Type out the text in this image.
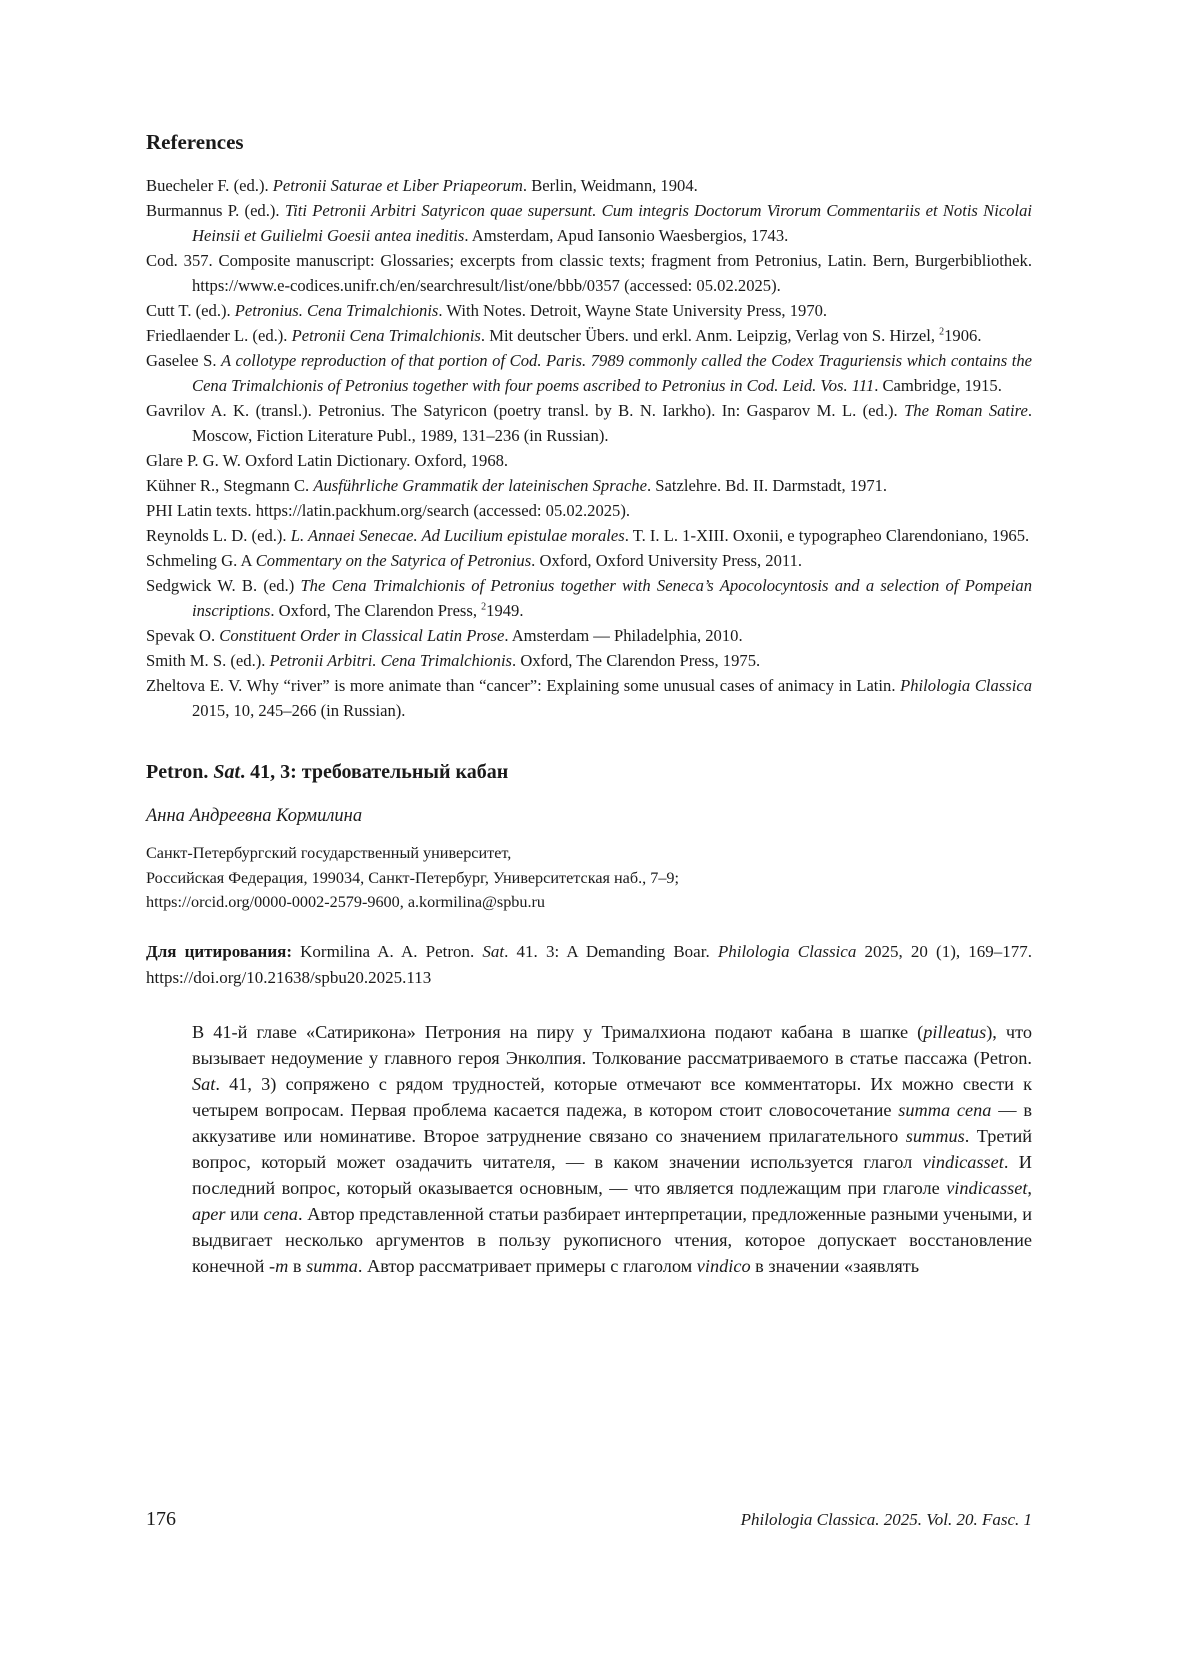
References
Buecheler F. (ed.). Petronii Saturae et Liber Priapeorum. Berlin, Weidmann, 1904.
Burmannus P. (ed.). Titi Petronii Arbitri Satyricon quae supersunt. Cum integris Doctorum Virorum Commentariis et Notis Nicolai Heinsii et Guilielmi Goesii antea ineditis. Amsterdam, Apud Iansonio Waesbergios, 1743.
Cod. 357. Composite manuscript: Glossaries; excerpts from classic texts; fragment from Petronius, Latin. Bern, Burgerbibliothek. https://www.e-codices.unifr.ch/en/searchresult/list/one/bbb/0357 (accessed: 05.02.2025).
Cutt T. (ed.). Petronius. Cena Trimalchionis. With Notes. Detroit, Wayne State University Press, 1970.
Friedlaender L. (ed.). Petronii Cena Trimalchionis. Mit deutscher Übers. und erkl. Anm. Leipzig, Verlag von S. Hirzel, $^2$1906.
Gaselee S. A collotype reproduction of that portion of Cod. Paris. 7989 commonly called the Codex Traguriensis which contains the Cena Trimalchionis of Petronius together with four poems ascribed to Petronius in Cod. Leid. Vos. 111. Cambridge, 1915.
Gavrilov A. K. (transl.). Petronius. The Satyricon (poetry transl. by B. N. Iarkho). In: Gasparov M. L. (ed.). The Roman Satire. Moscow, Fiction Literature Publ., 1989, 131–236 (in Russian).
Glare P. G. W. Oxford Latin Dictionary. Oxford, 1968.
Kühner R., Stegmann C. Ausführliche Grammatik der lateinischen Sprache. Satzlehre. Bd. II. Darmstadt, 1971.
PHI Latin texts. https://latin.packhum.org/search (accessed: 05.02.2025).
Reynolds L. D. (ed.). L. Annaei Senecae. Ad Lucilium epistulae morales. T. I. L. 1-XIII. Oxonii, e typographeo Clarendoniano, 1965.
Schmeling G. A Commentary on the Satyrica of Petronius. Oxford, Oxford University Press, 2011.
Sedgwick W. B. (ed.) The Cena Trimalchionis of Petronius together with Seneca’s Apocolocyntosis and a selection of Pompeian inscriptions. Oxford, The Clarendon Press, $^2$1949.
Spevak O. Constituent Order in Classical Latin Prose. Amsterdam — Philadelphia, 2010.
Smith M. S. (ed.). Petronii Arbitri. Cena Trimalchionis. Oxford, The Clarendon Press, 1975.
Zheltova E. V. Why “river” is more animate than “cancer”: Explaining some unusual cases of animacy in Latin. Philologia Classica 2015, 10, 245–266 (in Russian).
Petron. Sat. 41, 3: требовательный кабан
Анна Андреевна Кормилина
Санкт-Петербургский государственный университет,
Российская Федерация, 199034, Санкт-Петербург, Университетская наб., 7–9;
https://orcid.org/0000-0002-2579-9600, a.kormilina@spbu.ru
Для цитирования: Kormilina A. A. Petron. Sat. 41. 3: A Demanding Boar. Philologia Classica 2025, 20 (1), 169–177. https://doi.org/10.21638/spbu20.2025.113
В 41-й главе «Сатирикона» Петрония на пиру у Трималхиона подают кабана в шапке (pilleatus), что вызывает недоумение у главного героя Энколпия. Толкование рассматриваемого в статье пассажа (Petron. Sat. 41, 3) сопряжено с рядом трудностей, которые отмечают все комментаторы. Их можно свести к четырем вопросам. Первая проблема касается падежа, в котором стоит словосочетание summa cena — в аккузативе или номинативе. Второе затруднение связано со значением прилагательного summus. Третий вопрос, который может озадачить читателя, — в каком значении используется глагол vindicasset. И последний вопрос, который оказывается основным, — что является подлежащим при глаголе vindicasset, aper или cena. Автор представленной статьи разбирает интерпретации, предложенные разными учеными, и выдвигает несколько аргументов в пользу рукописного чтения, которое допускает восстановление конечной -m в summa. Автор рассматривает примеры с глаголом vindico в значении «заявлять
176	Philologia Classica. 2025. Vol. 20. Fasc. 1
